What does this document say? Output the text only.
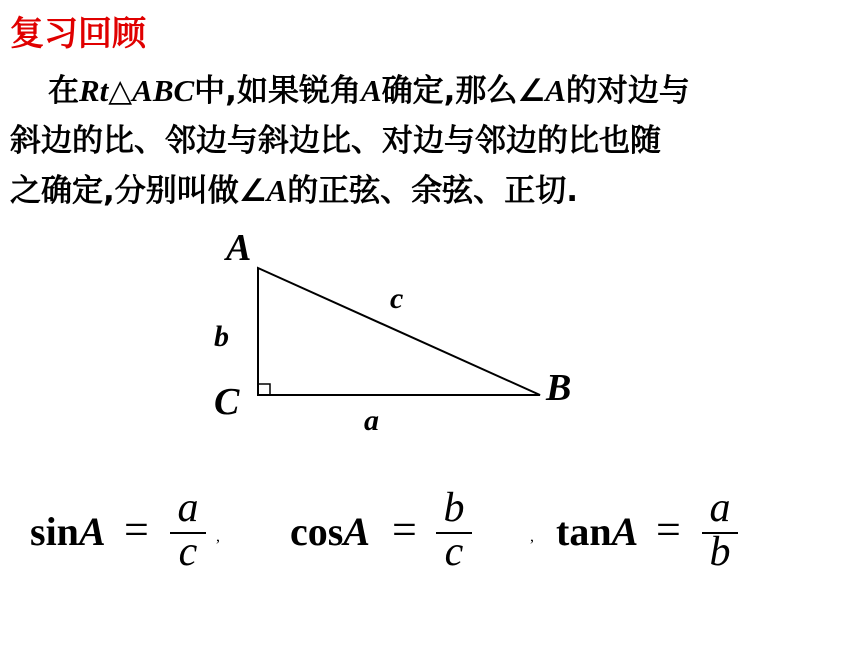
复习回顾

在Rt△ABC中,如果锐角A确定,那么∠A的对边与
斜边的比、邻边与斜边比、对边与邻边的比也随
之确定,分别叫做∠A的正弦、余弦、正切.

A
B
C	a
b
c
sinA = a
c	, cosA = b
c	, tanA = a
b
